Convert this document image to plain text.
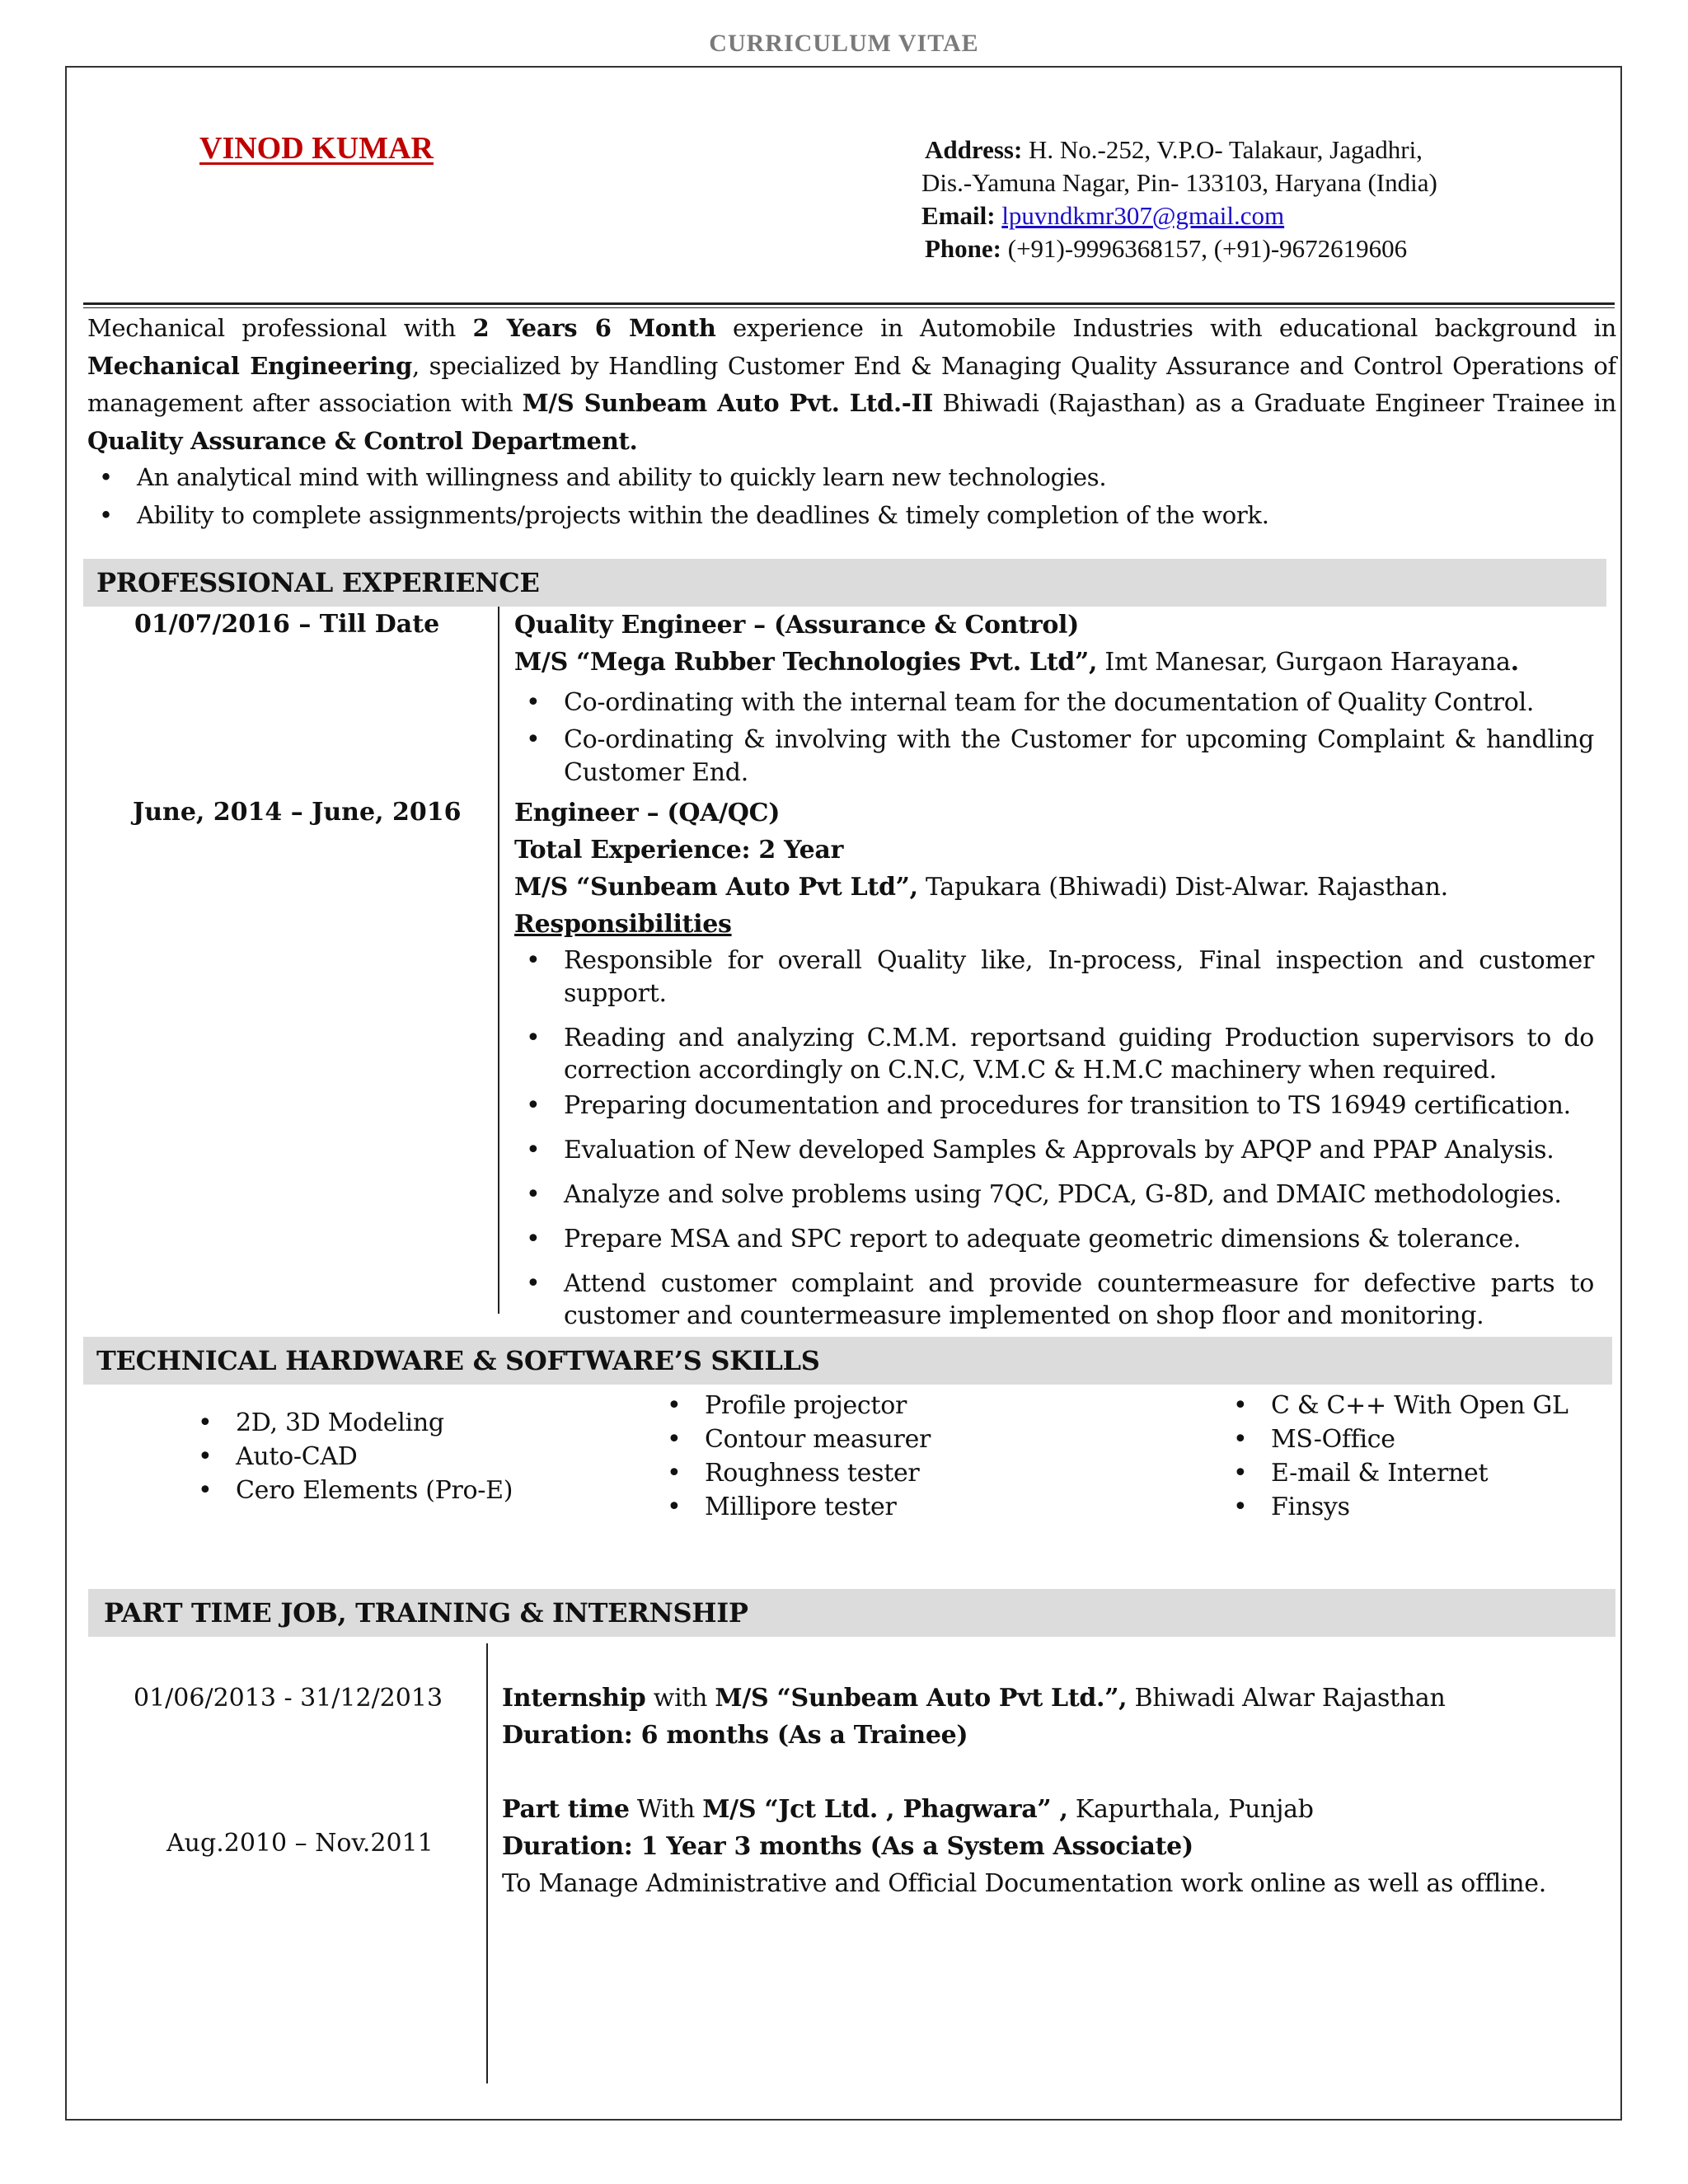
CURRICULUM VITAE
VINOD KUMAR	Address: H. No.-252, V.P.O- Talakaur, Jagadhri,
Dis.-Yamuna Nagar, Pin- 133103, Haryana (India)
Email: lpuvndkmr307@gmail.com
Phone: (+91)-9996368157, (+91)-9672619606
Mechanical professional with 2 Years 6 Month experience in Automobile Industries with educational background in Mechanical Engineering, specialized by Handling Customer End & Managing Quality Assurance and Control Operations of management after association with M/S Sunbeam Auto Pvt. Ltd.-II Bhiwadi (Rajasthan) as a Graduate Engineer Trainee in Quality Assurance & Control Department.
• An analytical mind with willingness and ability to quickly learn new technologies.
• Ability to complete assignments/projects within the deadlines & timely completion of the work.
PROFESSIONAL EXPERIENCE
01/07/2016 – Till Date	Quality Engineer – (Assurance & Control)
M/S “Mega Rubber Technologies Pvt. Ltd”, Imt Manesar, Gurgaon Harayana.
• Co-ordinating with the internal team for the documentation of Quality Control.
• Co-ordinating & involving with the Customer for upcoming Complaint & handling Customer End.
June, 2014 – June, 2016 Engineer – (QA/QC)
Total Experience: 2 Year
M/S “Sunbeam Auto Pvt Ltd”, Tapukara (Bhiwadi) Dist-Alwar. Rajasthan.
Responsibilities
• Responsible for overall Quality like, In-process, Final inspection and customer support.
• Reading and analyzing C.M.M. reportsand guiding Production supervisors to do correction accordingly on C.N.C, V.M.C & H.M.C machinery when required.
• Preparing documentation and procedures for transition to TS 16949 certification.
• Evaluation of New developed Samples & Approvals by APQP and PPAP Analysis.
• Analyze and solve problems using 7QC, PDCA, G-8D, and DMAIC methodologies.
• Prepare MSA and SPC report to adequate geometric dimensions & tolerance.
• Attend customer complaint and provide countermeasure for defective parts to customer and countermeasure implemented on shop floor and monitoring.
TECHNICAL HARDWARE & SOFTWARE’S SKILLS
• 2D, 3D Modeling
• Auto-CAD
• Cero Elements (Pro-E)
• Profile projector
• Contour measurer
• Roughness tester
• Millipore tester
• C & C++ With Open GL
• MS-Office
• E-mail & Internet
• Finsys
PART TIME JOB, TRAINING & INTERNSHIP
01/06/2013 - 31/12/2013 Internship with M/S “Sunbeam Auto Pvt Ltd.”, Bhiwadi Alwar Rajasthan
Duration: 6 months (As a Trainee)
Aug.2010 – Nov.2011
Part time With M/S “Jct Ltd. , Phagwara” , Kapurthala, Punjab
Duration: 1 Year 3 months (As a System Associate)
To Manage Administrative and Official Documentation work online as well as offline.
